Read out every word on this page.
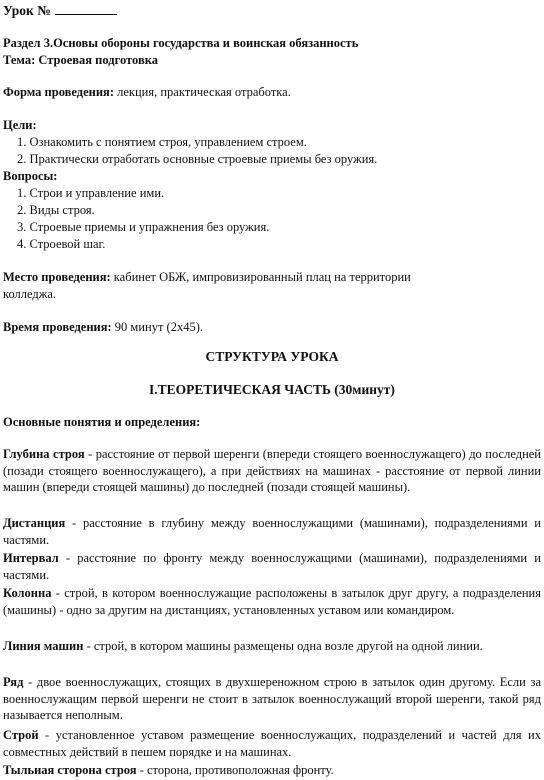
Урок №
Раздел 3.Основы обороны государства и воинская обязанность
Тема: Строевая подготовка
Форма проведения: лекция, практическая отработка.
Цели:
1. Ознакомить с понятием строя, управлением строем.
2. Практически отработать основные строевые приемы без оружия.
Вопросы:
1. Строи и управление ими.
2. Виды строя.
3. Строевые приемы и упражнения без оружия.
4. Строевой шаг.
Место проведения: кабинет ОБЖ, импровизированный плац на территории
колледжа.
Время проведения: 90 минут (2х45).
СТРУКТУРА УРОКА
I.ТЕОРЕТИЧЕСКАЯ ЧАСТЬ (30минут)
Основные понятия и определения:
Глубина строя - расстояние от первой шеренги (впереди стоящего военнослужащего) до последней (позади стоящего военнослужащего), а при действиях на машинах - расстояние от первой линии машин (впереди стоящей машины) до последней (позади стоящей машины).
Дистанция - расстояние в глубину между военнослужащими (машинами), подразделениями и частями.
Интервал - расстояние по фронту между военнослужащими (машинами), подразделениями и частями.
Колонна - строй, в котором военнослужащие расположены в затылок друг другу, а подразделения (машины) - одно за другим на дистанциях, установленных уставом или командиром.
Линия машин - строй, в котором машины размещены одна возле другой на одной линии.
Ряд - двое военнослужащих, стоящих в двухшереножном строю в затылок один другому. Если за военнослужащим первой шеренги не стоит в затылок военнослужащий второй шеренги, такой ряд называется неполным.
Строй - установленное уставом размещение военнослужащих, подразделений и частей для их совместных действий в пешем порядке и на машинах.
Тыльная сторона строя - сторона, противоположная фронту.
